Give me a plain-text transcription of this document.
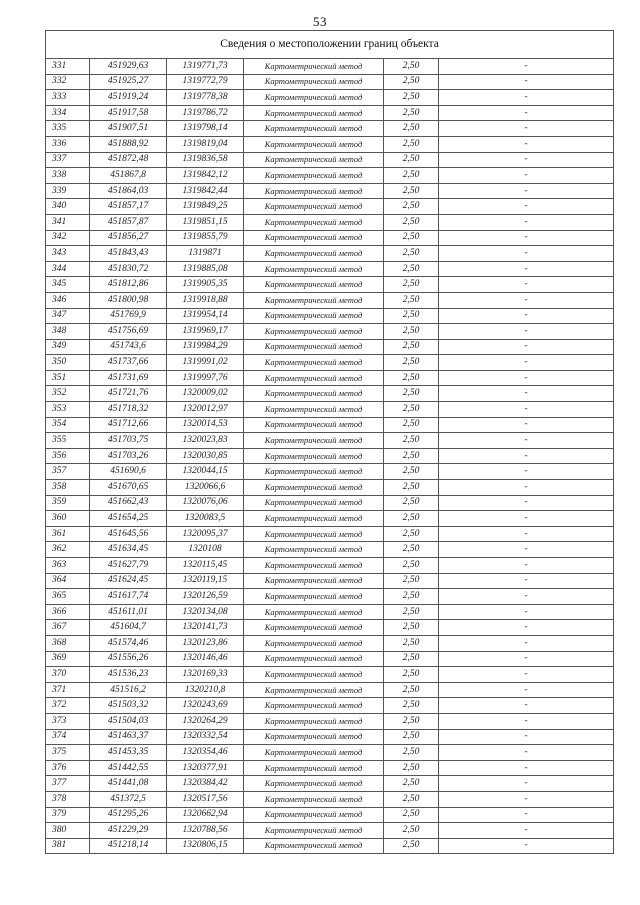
53
Сведения о местоположении границ объекта					
331	451929,63	1319771,73	Картометрический метод	2,50	-
332	451925,27	1319772,79	Картометрический метод	2,50	-
333	451919,24	1319778,38	Картометрический метод	2,50	-
334	451917,58	1319786,72	Картометрический метод	2,50	-
335	451907,51	1319798,14	Картометрический метод	2,50	-
336	451888,92	1319819,04	Картометрический метод	2,50	-
337	451872,48	1319836,58	Картометрический метод	2,50	-
338	451867,8	1319842,12	Картометрический метод	2,50	-
339	451864,03	1319842,44	Картометрический метод	2,50	-
340	451857,17	1319849,25	Картометрический метод	2,50	-
341	451857,87	1319851,15	Картометрический метод	2,50	-
342	451856,27	1319855,79	Картометрический метод	2,50	-
343	451843,43	1319871	Картометрический метод	2,50	-
344	451830,72	1319885,08	Картометрический метод	2,50	-
345	451812,86	1319905,35	Картометрический метод	2,50	-
346	451800,98	1319918,88	Картометрический метод	2,50	-
347	451769,9	1319954,14	Картометрический метод	2,50	-
348	451756,69	1319969,17	Картометрический метод	2,50	-
349	451743,6	1319984,29	Картометрический метод	2,50	-
350	451737,66	1319991,02	Картометрический метод	2,50	-
351	451731,69	1319997,76	Картометрический метод	2,50	-
352	451721,76	1320009,02	Картометрический метод	2,50	-
353	451718,32	1320012,97	Картометрический метод	2,50	-
354	451712,66	1320014,53	Картометрический метод	2,50	-
355	451703,75	1320023,83	Картометрический метод	2,50	-
356	451703,26	1320030,85	Картометрический метод	2,50	-
357	451690,6	1320044,15	Картометрический метод	2,50	-
358	451670,65	1320066,6	Картометрический метод	2,50	-
359	451662,43	1320076,06	Картометрический метод	2,50	-
360	451654,25	1320083,5	Картометрический метод	2,50	-
361	451645,56	1320095,37	Картометрический метод	2,50	-
362	451634,45	1320108	Картометрический метод	2,50	-
363	451627,79	1320115,45	Картометрический метод	2,50	-
364	451624,45	1320119,15	Картометрический метод	2,50	-
365	451617,74	1320126,59	Картометрический метод	2,50	-
366	451611,01	1320134,08	Картометрический метод	2,50	-
367	451604,7	1320141,73	Картометрический метод	2,50	-
368	451574,46	1320123,86	Картометрический метод	2,50	-
369	451556,26	1320146,46	Картометрический метод	2,50	-
370	451536,23	1320169,33	Картометрический метод	2,50	-
371	451516,2	1320210,8	Картометрический метод	2,50	-
372	451503,32	1320243,69	Картометрический метод	2,50	-
373	451504,03	1320264,29	Картометрический метод	2,50	-
374	451463,37	1320332,54	Картометрический метод	2,50	-
375	451453,35	1320354,46	Картометрический метод	2,50	-
376	451442,55	1320377,91	Картометрический метод	2,50	-
377	451441,08	1320384,42	Картометрический метод	2,50	-
378	451372,5	1320517,56	Картометрический метод	2,50	-
379	451295,26	1320662,94	Картометрический метод	2,50	-
380	451229,29	1320788,56	Картометрический метод	2,50	-
381	451218,14	1320806,15	Картометрический метод	2,50	-
